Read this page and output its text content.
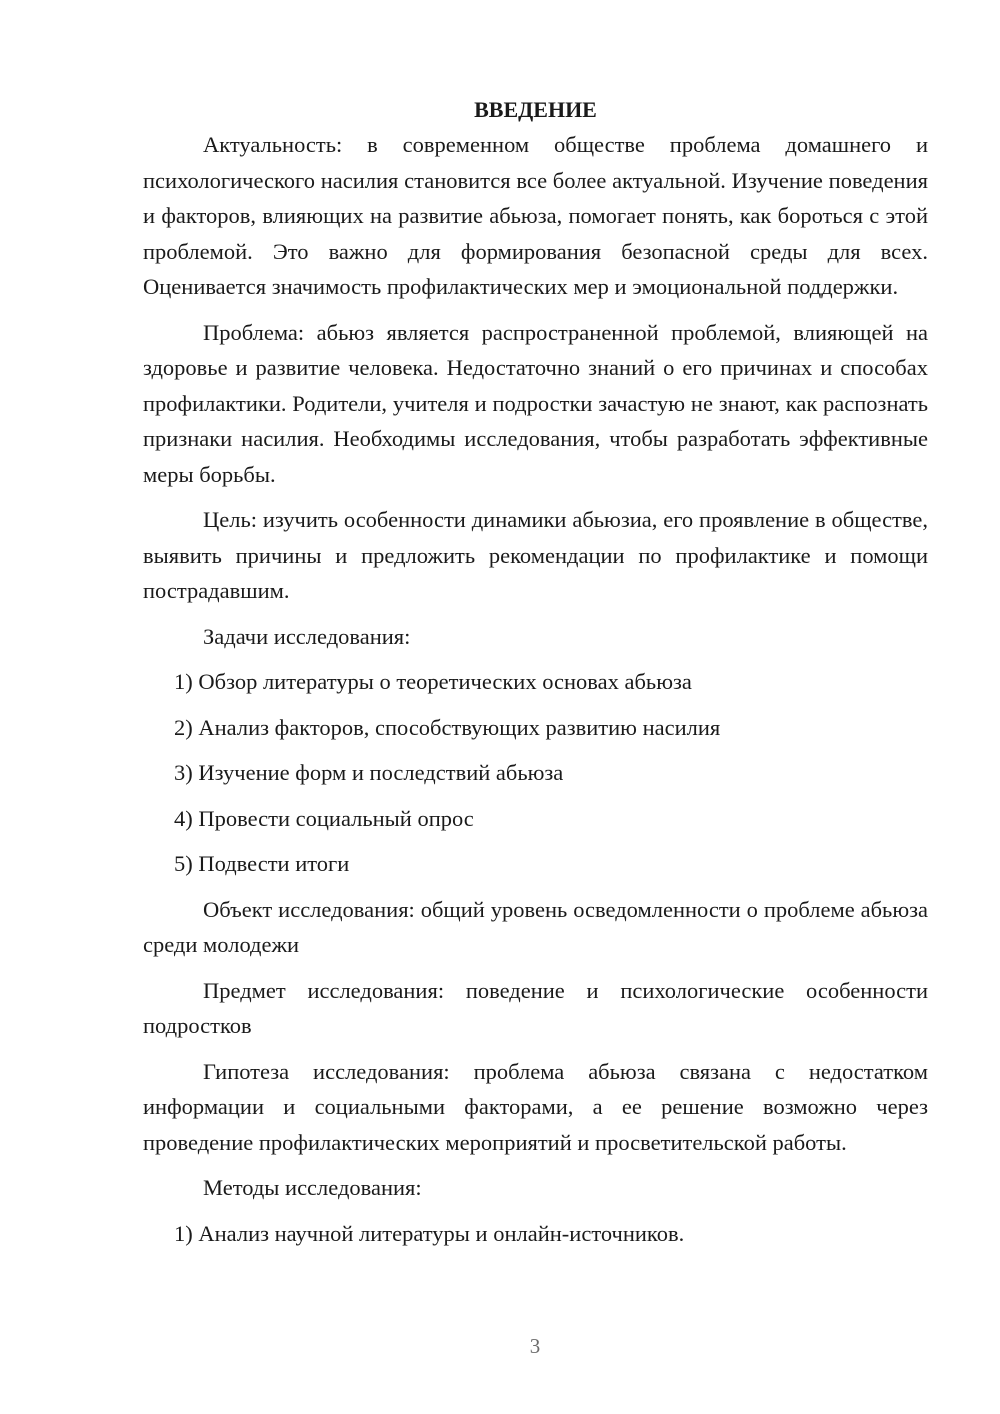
ВВЕДЕНИЕ

Актуальность: в современном обществе проблема домашнего и психологического насилия становится все более актуальной. Изучение поведения и факторов, влияющих на развитие абьюза, помогает понять, как бороться с этой проблемой. Это важно для формирования безопасной среды для всех. Оценивается значимость профилактических мер и эмоциональной поддержки.

Проблема: абьюз является распространенной проблемой, влияющей на здоровье и развитие человека. Недостаточно знаний о его причинах и способах профилактики. Родители, учителя и подростки зачастую не знают, как распознать признаки насилия. Необходимы исследования, чтобы разработать эффективные меры борьбы.

Цель: изучить особенности динамики абьюзиа, его проявление в обществе, выявить причины и предложить рекомендации по профилактике и помощи пострадавшим.

Задачи исследования:

1) Обзор литературы о теоретических основах абьюза
2) Анализ факторов, способствующих развитию насилия
3) Изучение форм и последствий абьюза
4) Провести социальный опрос
5) Подвести итоги

Объект исследования: общий уровень осведомленности о проблеме абьюза среди молодежи

Предмет исследования: поведение и психологические особенности подростков

Гипотеза исследования: проблема абьюза связана с недостатком информации и социальными факторами, а ее решение возможно через проведение профилактических мероприятий и просветительской работы.

Методы исследования:

1) Анализ научной литературы и онлайн-источников.
3
